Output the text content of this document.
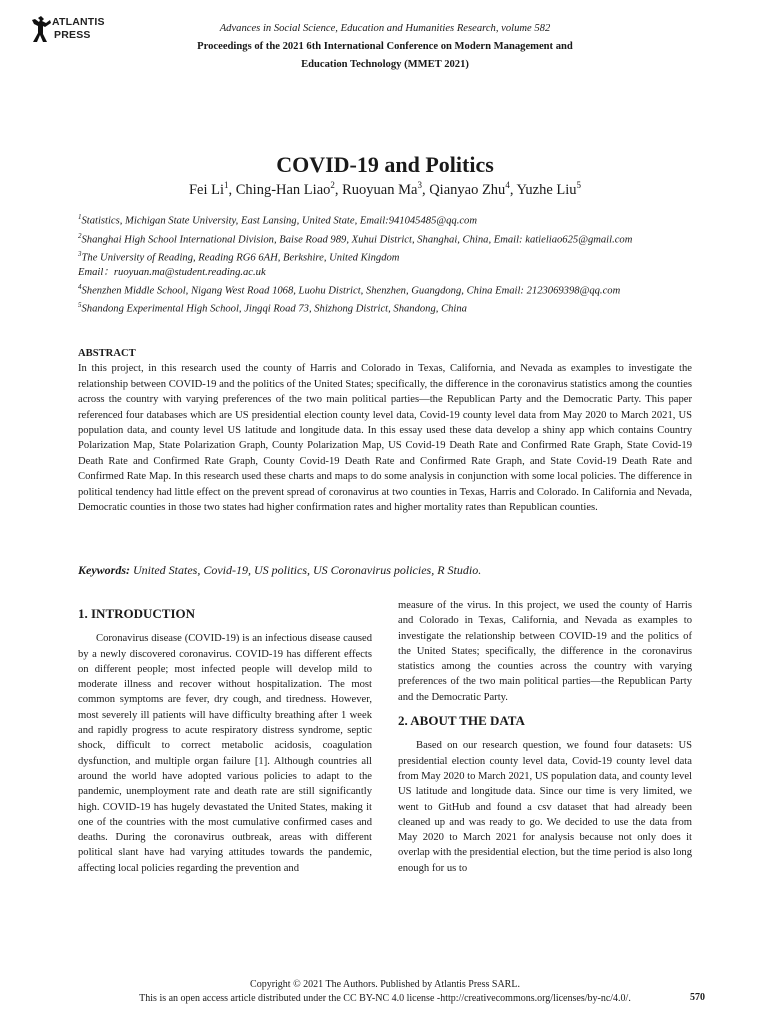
ATLANTIS
PRESS
Advances in Social Science, Education and Humanities Research, volume 582
Proceedings of the 2021 6th International Conference on Modern Management and
Education Technology (MMET 2021)
COVID-19 and Politics
Fei Li$^1$, Ching-Han Liao$^2$, Ruoyuan Ma$^3$, Qianyao Zhu$^4$, Yuzhe Liu$^5$
$^1$Statistics, Michigan State University, East Lansing, United State, Email:941045485@qq.com
$^2$Shanghai High School International Division, Baise Road 989, Xuhui District, Shanghai, China, Email: katieliao625@gmail.com
$^3$The University of Reading, Reading RG6 6AH, Berkshire, United Kingdom
Email：ruoyuan.ma@student.reading.ac.uk
$^4$Shenzhen Middle School, Nigang West Road 1068, Luohu District, Shenzhen, Guangdong, China Email: 2123069398@qq.com
$^5$Shandong Experimental High School, Jingqi Road 73, Shizhong District, Shandong, China
ABSTRACT

In this project, in this research used the county of Harris and Colorado in Texas, California, and Nevada as examples to investigate the relationship between COVID-19 and the politics of the United States; specifically, the difference in the coronavirus statistics among the counties across the country with varying preferences of the two main political parties—the Republican Party and the Democratic Party. This paper referenced four databases which are US presidential election county level data, Covid-19 county level data from May 2020 to March 2021, US population data, and county level US latitude and longitude data. In this essay used these data develop a shiny app which contains Country Polarization Map, State Polarization Graph, County Polarization Map, US Covid-19 Death Rate and Confirmed Rate Graph, State Covid-19 Death Rate and Confirmed Rate Graph, County Covid-19 Death Rate and Confirmed Rate Graph, and State Covid-19 Death Rate and Confirmed Rate Map. In this research used these charts and maps to do some analysis in conjunction with some local policies. The difference in political tendency had little effect on the prevent spread of coronavirus at two counties in Texas, Harris and Colorado. In California and Nevada, Democratic counties in those two states had higher confirmation rates and higher mortality rates than Republican counties.

Keywords: United States, Covid-19, US politics, US Coronavirus policies, R Studio.
1. INTRODUCTION

Coronavirus disease (COVID-19) is an infectious disease caused by a newly discovered coronavirus. COVID-19 has different effects on different people; most infected people will develop mild to moderate illness and recover without hospitalization. The most common symptoms are fever, dry cough, and tiredness. However, most severely ill patients will have difficulty breathing after 1 week and rapidly progress to acute respiratory distress syndrome, septic shock, difficult to correct metabolic acidosis, coagulation dysfunction, and multiple organ failure [1]. Although countries all around the world have adopted various policies to adapt to the pandemic, unemployment rate and death rate are still significantly high. COVID-19 has hugely devastated the United States, making it one of the countries with the most cumulative confirmed cases and deaths. During the coronavirus outbreak, areas with different political slant have had varying attitudes towards the pandemic, affecting local policies regarding the prevention and

measure of the virus. In this project, we used the county of Harris and Colorado in Texas, California, and Nevada as examples to investigate the relationship between COVID-19 and the politics of the United States; specifically, the difference in the coronavirus statistics among the counties across the country with varying preferences of the two main political parties—the Republican Party and the Democratic Party.

2. ABOUT THE DATA

Based on our research question, we found four datasets: US presidential election county level data, Covid-19 county level data from May 2020 to March 2021, US population data, and county level US latitude and longitude data. Since our time is very limited, we went to GitHub and found a csv dataset that had already been cleaned up and was ready to go. We decided to use the data from May 2020 to March 2021 for analysis because not only does it overlap with the presidential election, but the time period is also long enough for us to

Copyright © 2021 The Authors. Published by Atlantis Press SARL.
This is an open access article distributed under the CC BY-NC 4.0 license -http://creativecommons.org/licenses/by-nc/4.0/.	570
